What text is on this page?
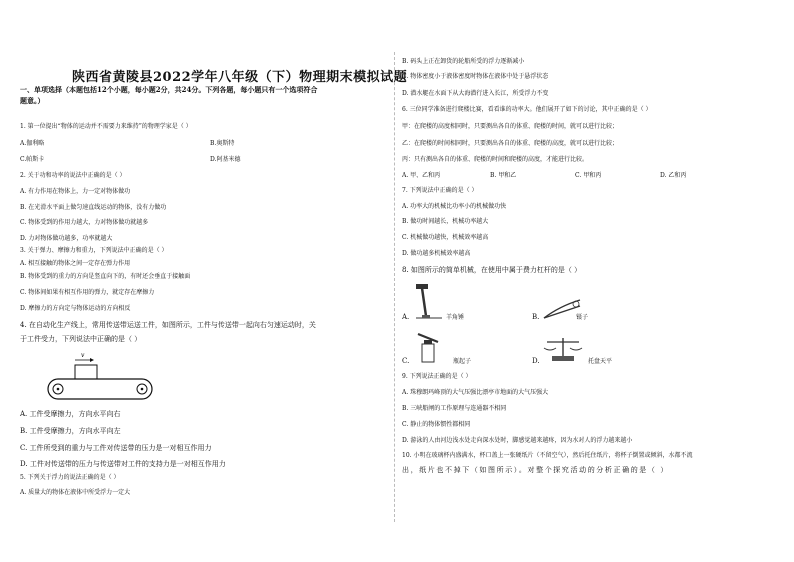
陕西省黄陵县2022学年八年级（下）物理期末模拟试题
一、单项选择（本题包括12个小题，每小题2分，共24分。下列各题，每小题只有一个选项符合
题意。）
1. 第一位提出“物体的运动并不需要力来维持”的物理学家是（ ）
A.伽利略	B.奥斯特
C.帕斯卡	D.阿基米德
2. 关于功和功率的说法中正确的是（ ）
A. 有力作用在物体上，力一定对物体做功
B. 在光滑水平面上做匀速直线运动的物体，没有力做功
C. 物体受到的作用力越大，力对物体做功就越多
D. 力对物体做功越多，功率就越大
3. 关于弹力、摩擦力和重力，下列说法中正确的是（ ）
A. 相互接触的物体之间一定存在弹力作用
B. 物体受到的重力的方向是竖直向下的，有时还会垂直于接触面
C. 物体间如果有相互作用的弹力，就定存在摩擦力
D. 摩擦力的方向定与物体运动的方向相反
4. 在自动化生产线上，常用传送带运送工件，如图所示，工件与传送带一起向右匀速运动时，关
于工件受力，下列说法中正确的是（ ）
v
A. 工件受摩擦力，方向水平向右
B. 工件受摩擦力，方向水平向左
C. 工件所受到的重力与工件对传送带的压力是一对相互作用力
D. 工件对传送带的压力与传送带对工件的支持力是一对相互作用力
5. 下列关于浮力的说法正确的是（ ）
A. 质量大的物体在液体中所受浮力一定大
B. 码头上正在卸货的轮船所受的浮力逐渐减小
C. 物体密度小于液体密度时物体在液体中处于悬浮状态
D. 潜水艇在水面下从大海潜行进入长江，所受浮力不变
6. 三位同学准备进行爬楼比赛，看看谁的功率大。他们展开了如下的讨论，其中正确的是（ ）
甲：在爬楼的高度相同时，只要测出各自的体重、爬楼的时间，就可以进行比较；
乙：在爬楼的时间相同时，只要测出各自的体重、爬楼的高度，就可以进行比较；
丙：只有测出各自的体重、爬楼的时间和爬楼的高度，才能进行比较。
A. 甲、乙和丙	B. 甲和乙	C. 甲和丙	D. 乙和丙
7. 下列说法中正确的是（ ）
A. 功率大的机械比功率小的机械做功快
B. 做功时间越长，机械功率越大
C. 机械做功越快，机械效率越高
D. 做功越多机械效率越高
8. 如图所示的简单机械，在使用中属于费力杠杆的是（ ）
A.	羊角锤	B.	镊子
C.	瓶起子	D.	托盘天平
9. 下列说法正确的是（ ）
A. 珠穆朗玛峰顶的大气压强比漂亭市地面的大气压强大
B. 三峡船闸的工作原理与连通器不相同
C. 静止的物体惯性都相同
D. 游泳的人由河边浅水处走向深水处时，脚感觉越来越疼，因为水对人的浮力越来越小
10. 小明在玻璃杯内盛满水，杯口盖上一张硬纸片（不留空气），然后托住纸片，将杯子倒置或倾斜，水都不流
出，纸片也不掉下（如图所示）。对整个探究活动的分析正确的是（ ）
